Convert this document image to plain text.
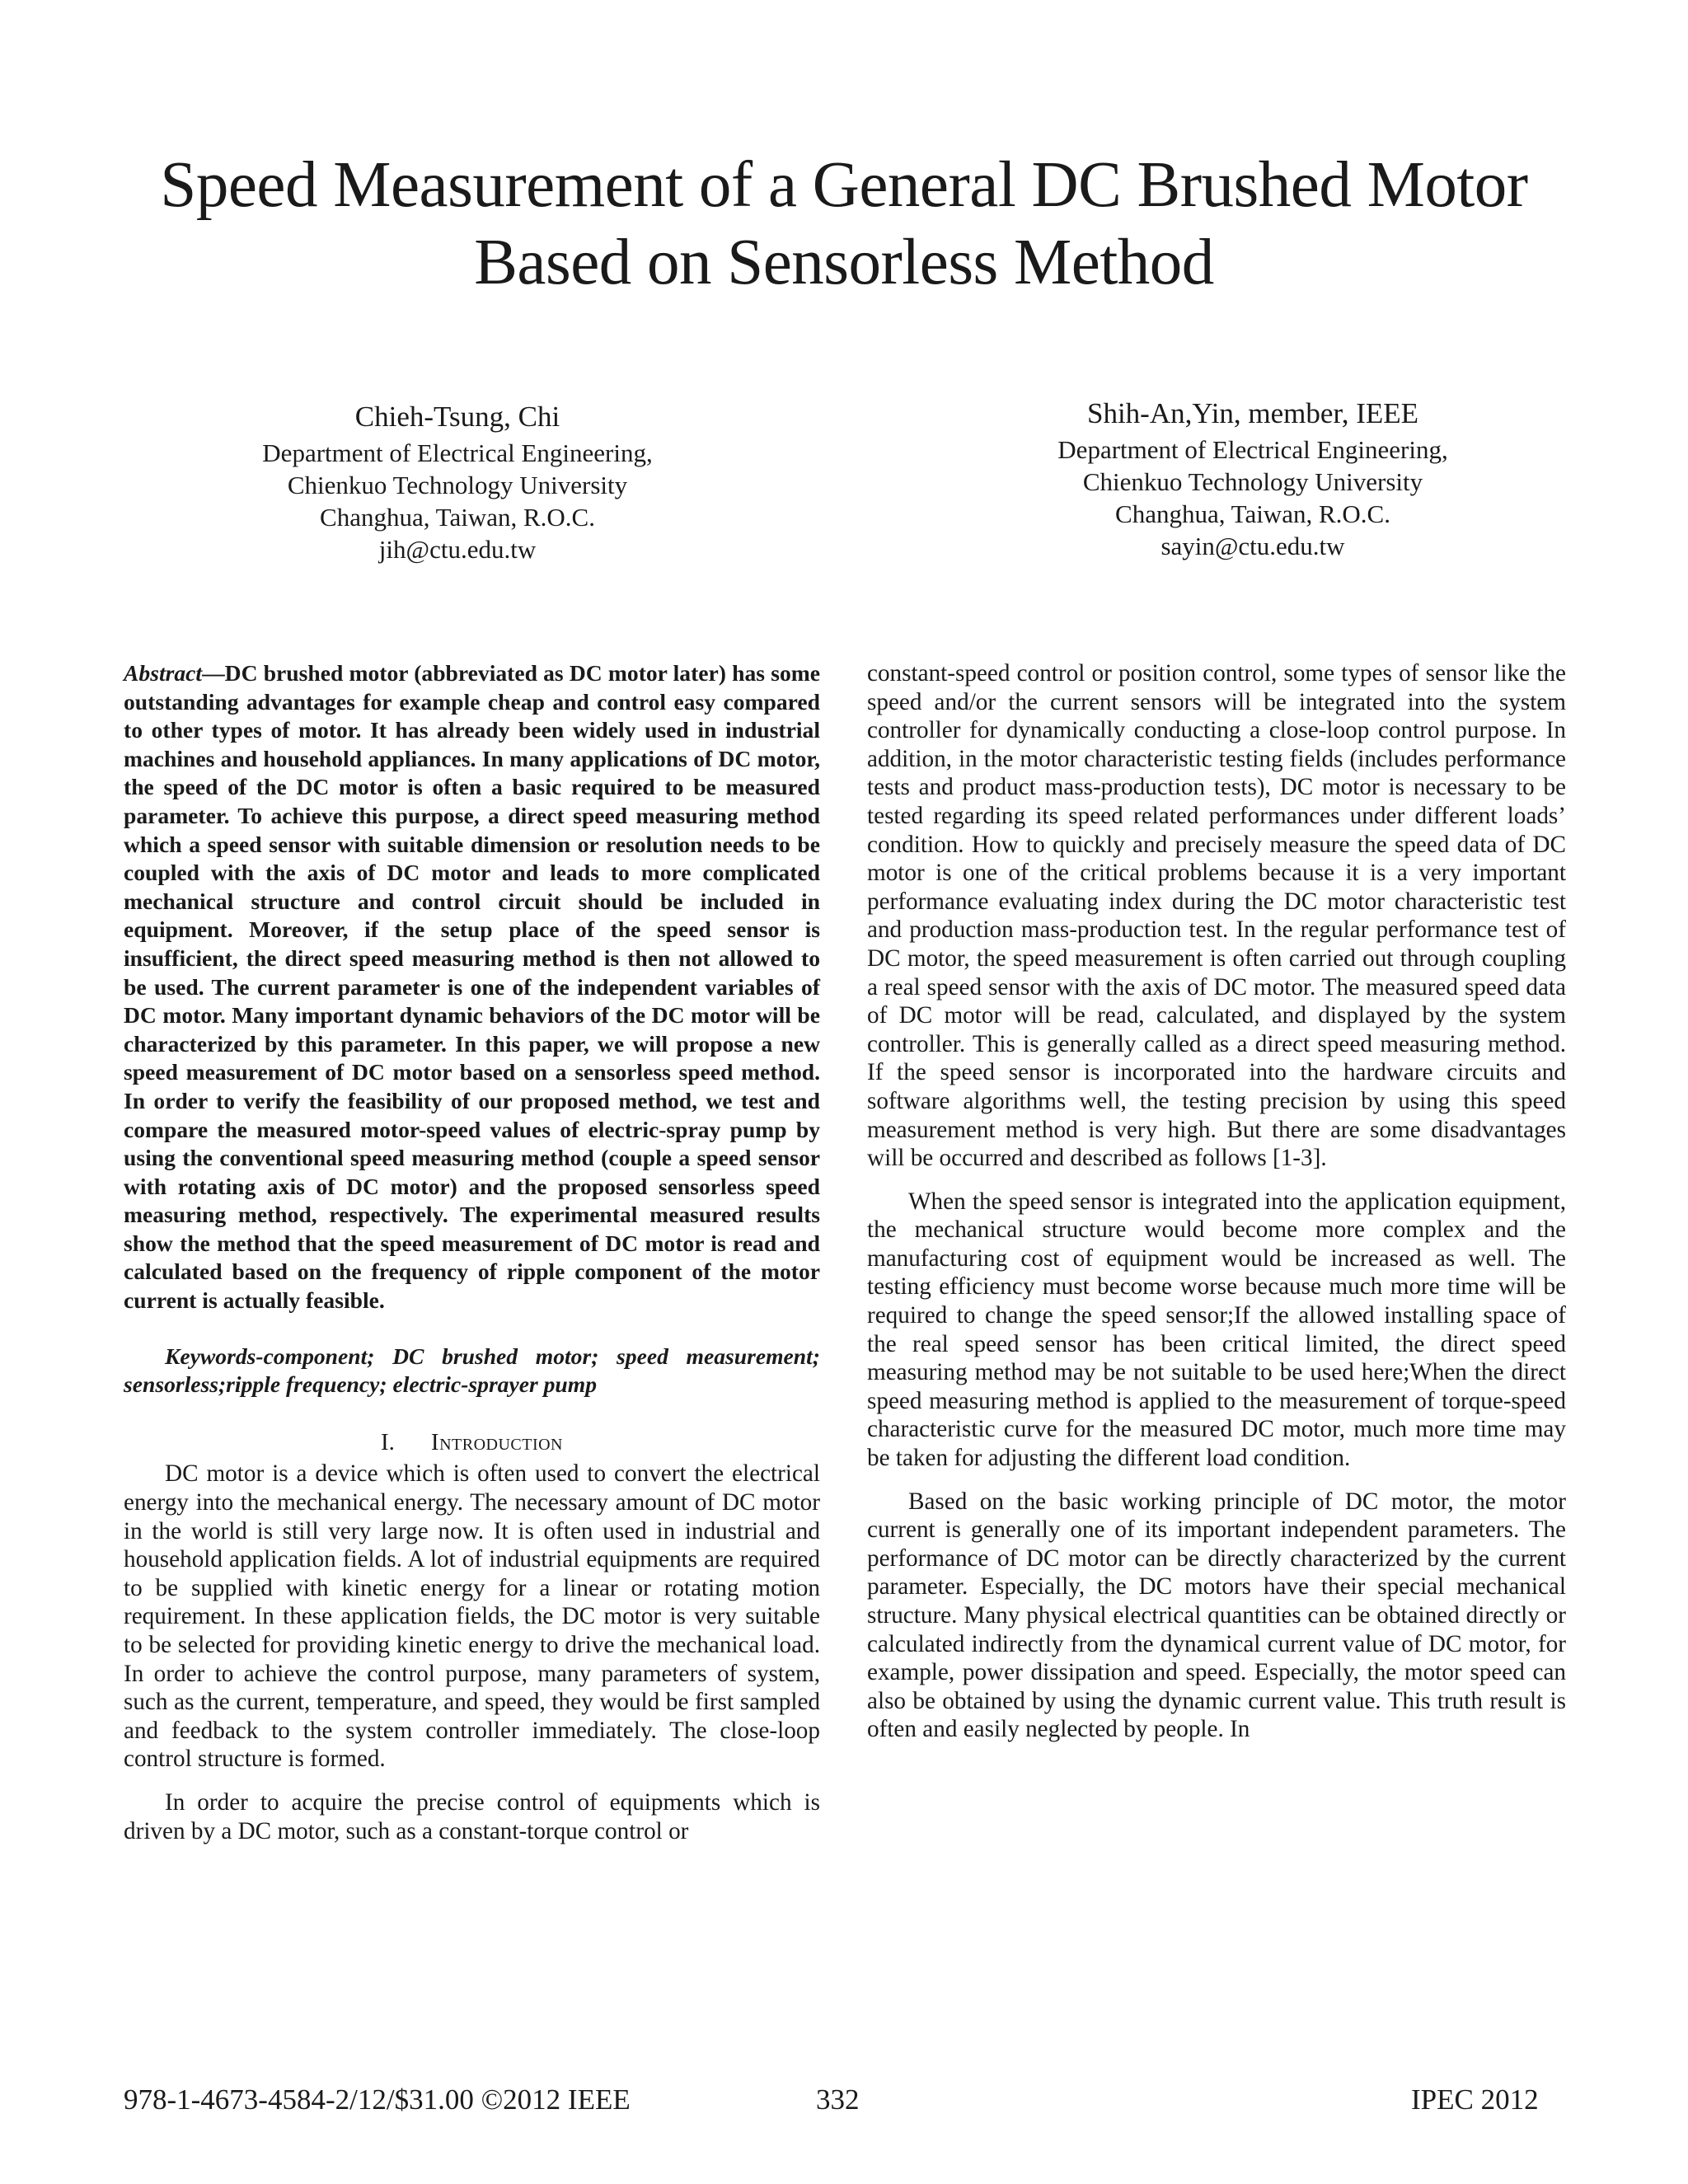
Speed Measurement of a General DC Brushed Motor
Based on Sensorless Method
Chieh-Tsung, Chi
Department of Electrical Engineering,
Chienkuo Technology University
Changhua, Taiwan, R.O.C.
jih@ctu.edu.tw
Shih-An,Yin, member, IEEE
Department of Electrical Engineering,
Chienkuo Technology University
Changhua, Taiwan, R.O.C.
sayin@ctu.edu.tw

Abstract—DC brushed motor (abbreviated as DC motor later) has some outstanding advantages for example cheap and control easy compared to other types of motor. It has already been widely used in industrial machines and household appliances. In many applications of DC motor, the speed of the DC motor is often a basic required to be measured parameter. To achieve this purpose, a direct speed measuring method which a speed sensor with suitable dimension or resolution needs to be coupled with the axis of DC motor and leads to more complicated mechanical structure and control circuit should be included in equipment. Moreover, if the setup place of the speed sensor is insufficient, the direct speed measuring method is then not allowed to be used. The current parameter is one of the independent variables of DC motor. Many important dynamic behaviors of the DC motor will be characterized by this parameter. In this paper, we will propose a new speed measurement of DC motor based on a sensorless speed method. In order to verify the feasibility of our proposed method, we test and compare the measured motor-speed values of electric-spray pump by using the conventional speed measuring method (couple a speed sensor with rotating axis of DC motor) and the proposed sensorless speed measuring method, respectively. The experimental measured results show the method that the speed measurement of DC motor is read and calculated based on the frequency of ripple component of the motor current is actually feasible.

Keywords-component; DC brushed motor; speed measurement; sensorless;ripple frequency; electric-sprayer pump

I. Introduction

DC motor is a device which is often used to convert the electrical energy into the mechanical energy. The necessary amount of DC motor in the world is still very large now. It is often used in industrial and household application fields. A lot of industrial equipments are required to be supplied with kinetic energy for a linear or rotating motion requirement. In these application fields, the DC motor is very suitable to be selected for providing kinetic energy to drive the mechanical load. In order to achieve the control purpose, many parameters of system, such as the current, temperature, and speed, they would be first sampled and feedback to the system controller immediately. The close-loop control structure is formed.

In order to acquire the precise control of equipments which is driven by a DC motor, such as a constant-torque control or

constant-speed control or position control, some types of sensor like the speed and/or the current sensors will be integrated into the system controller for dynamically conducting a close-loop control purpose. In addition, in the motor characteristic testing fields (includes performance tests and product mass-production tests), DC motor is necessary to be tested regarding its speed related performances under different loads’ condition. How to quickly and precisely measure the speed data of DC motor is one of the critical problems because it is a very important performance evaluating index during the DC motor characteristic test and production mass-production test. In the regular performance test of DC motor, the speed measurement is often carried out through coupling a real speed sensor with the axis of DC motor. The measured speed data of DC motor will be read, calculated, and displayed by the system controller. This is generally called as a direct speed measuring method. If the speed sensor is incorporated into the hardware circuits and software algorithms well, the testing precision by using this speed measurement method is very high. But there are some disadvantages will be occurred and described as follows [1-3].

When the speed sensor is integrated into the application equipment, the mechanical structure would become more complex and the manufacturing cost of equipment would be increased as well. The testing efficiency must become worse because much more time will be required to change the speed sensor;If the allowed installing space of the real speed sensor has been critical limited, the direct speed measuring method may be not suitable to be used here;When the direct speed measuring method is applied to the measurement of torque-speed characteristic curve for the measured DC motor, much more time may be taken for adjusting the different load condition.

Based on the basic working principle of DC motor, the motor current is generally one of its important independent parameters. The performance of DC motor can be directly characterized by the current parameter. Especially, the DC motors have their special mechanical structure. Many physical electrical quantities can be obtained directly or calculated indirectly from the dynamical current value of DC motor, for example, power dissipation and speed. Especially, the motor speed can also be obtained by using the dynamic current value. This truth result is often and easily neglected by people. In

978-1-4673-4584-2/12/$31.00 ©2012 IEEE	332	IPEC 2012
